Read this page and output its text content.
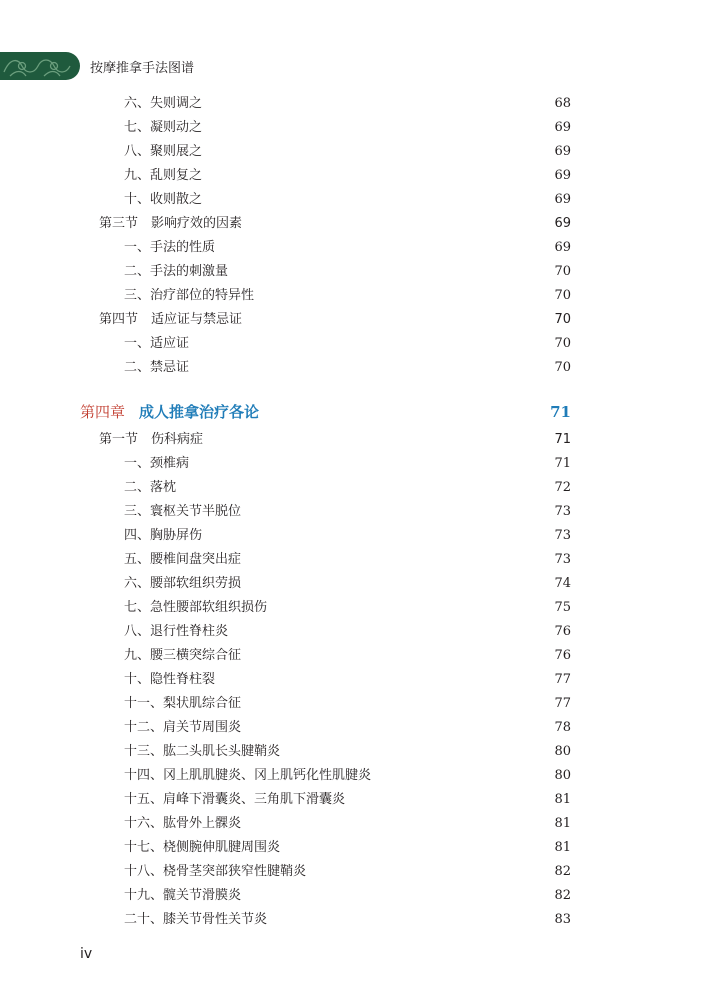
按摩推拿手法图谱
六、失则调之	68
七、凝则动之	69
八、聚则展之	69
九、乱则复之	69
十、收则散之	69
第三节　影响疗效的因素	69
一、手法的性质	69
二、手法的刺激量	70
三、治疗部位的特异性	70
第四节　适应证与禁忌证	70
一、适应证	70
二、禁忌证	70
第四章 成人推拿治疗各论	71
第一节　伤科病症	71
一、颈椎病	71
二、落枕	72
三、寰枢关节半脱位	73
四、胸胁屏伤	73
五、腰椎间盘突出症	73
六、腰部软组织劳损	74
七、急性腰部软组织损伤	75
八、退行性脊柱炎	76
九、腰三横突综合征	76
十、隐性脊柱裂	77
十一、梨状肌综合征	77
十二、肩关节周围炎	78
十三、肱二头肌长头腱鞘炎	80
十四、冈上肌肌腱炎、冈上肌钙化性肌腱炎	80
十五、肩峰下滑囊炎、三角肌下滑囊炎	81
十六、肱骨外上髁炎	81
十七、桡侧腕伸肌腱周围炎	81
十八、桡骨茎突部狭窄性腱鞘炎	82
十九、髋关节滑膜炎	82
二十、膝关节骨性关节炎	83
iv
